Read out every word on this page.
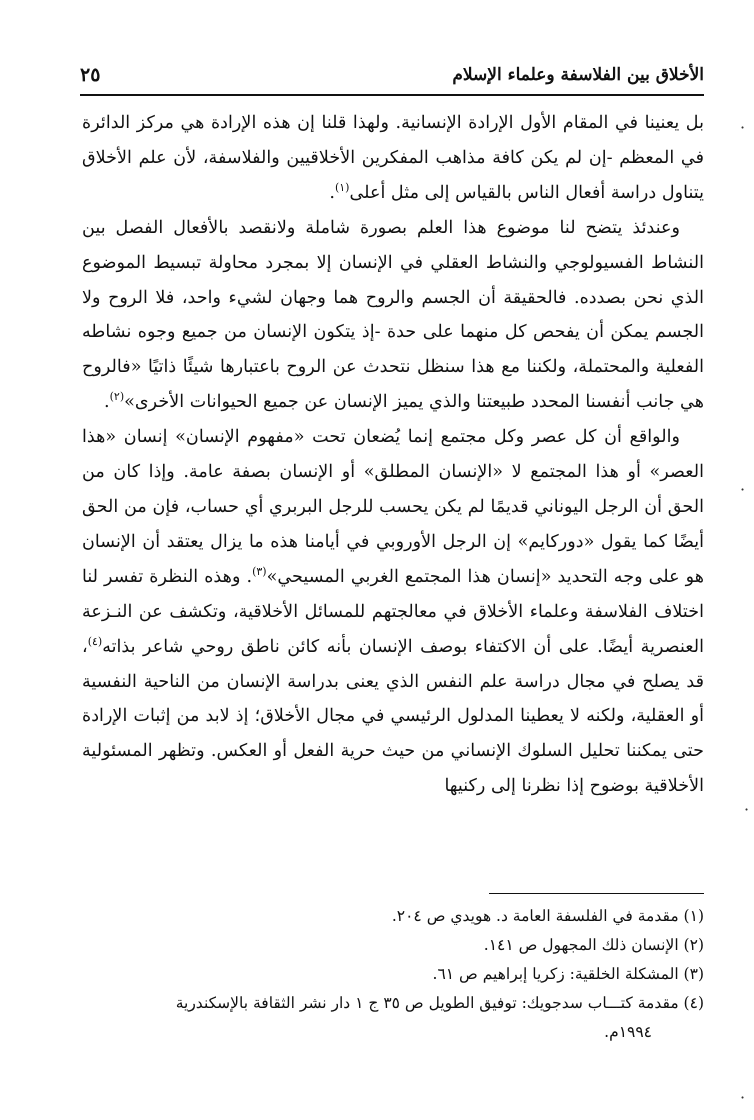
الأخلاق بين الفلاسفة وعلماء الإسلام
٢٥

بل يعنينا في المقام الأول الإرادة الإنسانية. ولهذا قلنا إن هذه الإرادة هي مركز الدائرة في المعظم -إن لم يكن كافة مذاهب المفكرين الأخلاقيين والفلاسفة، لأن علم الأخلاق يتناول دراسة أفعال الناس بالقياس إلى مثل أعلى$^{(١)}$.

وعندئذ يتضح لنا موضوع هذا العلم بصورة شاملة ولانقصد بالأفعال الفصل بين النشاط الفسيولوجي والنشاط العقلي في الإنسان إلا بمجرد محاولة تبسيط الموضوع الذي نحن بصدده. فالحقيقة أن الجسم والروح هما وجهان لشيء واحد، فلا الروح ولا الجسم يمكن أن يفحص كل منهما على حدة -إذ يتكون الإنسان من جميع وجوه نشاطه الفعلية والمحتملة، ولكننا مع هذا سنظل نتحدث عن الروح باعتبارها شيئًا ذاتيًا «فالروح هي جانب أنفسنا المحدد طبيعتنا والذي يميز الإنسان عن جميع الحيوانات الأخرى»$^{(٢)}$.

والواقع أن كل عصر وكل مجتمع إنما يُضعان تحت «مفهوم الإنسان» إنسان «هذا العصر» أو هذا المجتمع لا «الإنسان المطلق» أو الإنسان بصفة عامة. وإذا كان من الحق أن الرجل اليوناني قديمًا لم يكن يحسب للرجل البربري أي حساب، فإن من الحق أيضًا كما يقول «دوركايم» إن الرجل الأوروبي في أيامنا هذه ما يزال يعتقد أن الإنسان هو على وجه التحديد «إنسان هذا المجتمع الغربي المسيحي»$^{(٣)}$. وهذه النظرة تفسر لنا اختلاف الفلاسفة وعلماء الأخلاق في معالجتهم للمسائل الأخلاقية، وتكشف عن النـزعة العنصرية أيضًا. على أن الاكتفاء بوصف الإنسان بأنه كائن ناطق روحي شاعر بذاته$^{(٤)}$، قد يصلح في مجال دراسة علم النفس الذي يعنى بدراسة الإنسان من الناحية النفسية أو العقلية، ولكنه لا يعطينا المدلول الرئيسي في مجال الأخلاق؛ إذ لابد من إثبات الإرادة حتى يمكننا تحليل السلوك الإنساني من حيث حرية الفعل أو العكس. وتظهر المسئولية الأخلاقية بوضوح إذا نظرنا إلى ركنيها

(١) مقدمة في الفلسفة العامة د. هويدي ص ٢٠٤.
(٢) الإنسان ذلك المجهول ص ١٤١.
(٣) المشكلة الخلقية: زكريا إبراهيم ص ٦١.
(٤) مقدمة كتـــاب سدجويك: توفيق الطويل ص ٣٥ ج ١ دار نشر الثقافة بالإسكندرية
١٩٩٤م.
·
·
·
·
